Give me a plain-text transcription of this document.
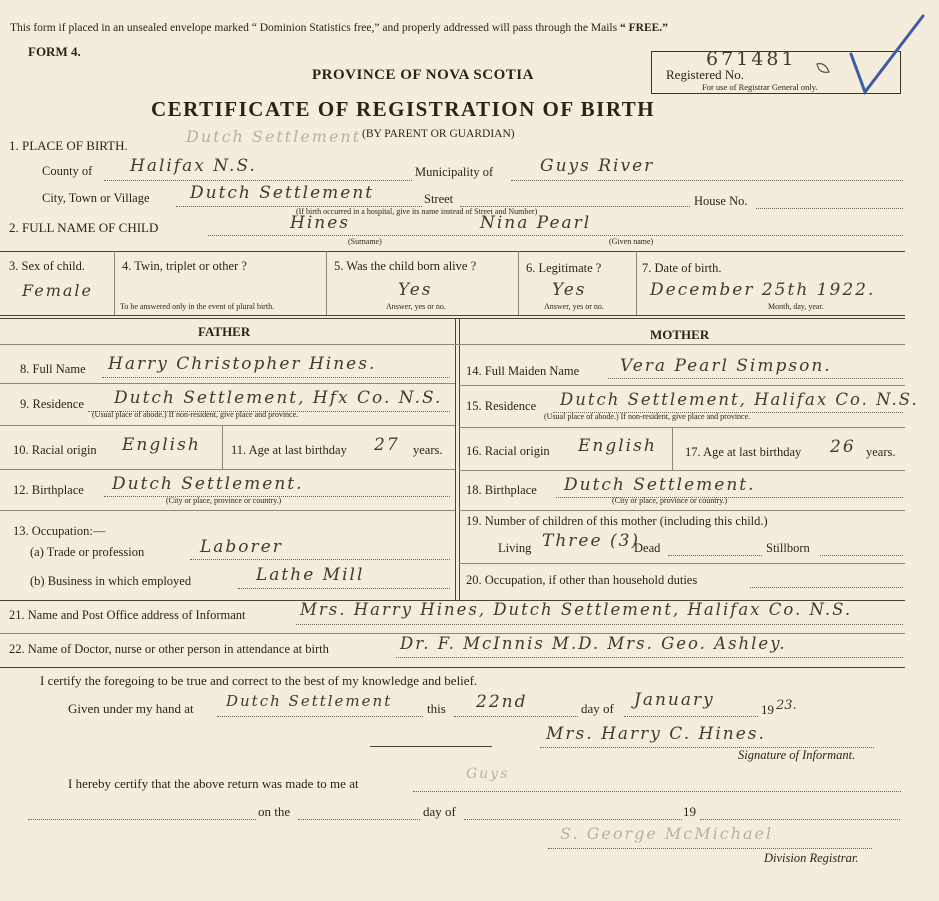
This form if placed in an unsealed envelope marked “ Dominion Statistics free,” and properly addressed will pass through the Mails “ FREE.”
FORM 4.
PROVINCE OF NOVA SCOTIA
CERTIFICATE OF REGISTRATION OF BIRTH
(BY PARENT OR GUARDIAN)
671481
Registered No.
For use of Registrar General only.
1. PLACE OF BIRTH.	Dutch Settlement
County of Halifax N.S.	Municipality of	Guys River
City, Town or Village Dutch Settlement	Street
(If birth occurred in a hospital, give its name instead of Street and Number)
House No.
2. FULL NAME OF CHILD	Hines	Nina Pearl
(Surname)	(Given name)
3. Sex of child.
Female
4. Twin, triplet or other ?
To be answered only in the event of plural birth.
5. Was the child born alive ?
Yes
Answer, yes or no.
6. Legitimate ?
Yes
Answer, yes or no.
7. Date of birth.
December 25th 1922.
Month, day, year.
FATHER	MOTHER
8. Full Name Harry Christopher Hines.
9. Residence Dutch Settlement, Hfx Co. N.S.
(Usual place of abode.) If non-resident, give place and province.
10. Racial origin English 11. Age at last birthday 27 years.
12. Birthplace Dutch Settlement.
(City or place, province or country.)
13. Occupation:—
(a) Trade or profession	Laborer
(b) Business in which employed	Lathe Mill
14. Full Maiden Name Vera Pearl Simpson.
15. Residence Dutch Settlement, Halifax Co. N.S.
(Usual place of abode.) If non-resident, give place and province.
16. Racial origin English 17. Age at last birthday 26 years.
18. Birthplace Dutch Settlement.
(City or place, province or country.)
19. Number of children of this mother (including this child.)
Living Three (3)
Dead	Stillborn
20. Occupation, if other than household duties
21. Name and Post Office address of Informant	Mrs. Harry Hines, Dutch Settlement, Halifax Co. N.S.
22. Name of Doctor, nurse or other person in attendance at birth	Dr. F. McInnis M.D. Mrs. Geo. Ashley.
I certify the foregoing to be true and correct to the best of my knowledge and belief.
Given under my hand at Dutch Settlement	this 22nd	day of January	19 23.
Mrs. Harry C. Hines.
Signature of Informant.
I hereby certify that the above return was made to me at
Guys
on the	day of	19
S. George McMichael
Division Registrar.
